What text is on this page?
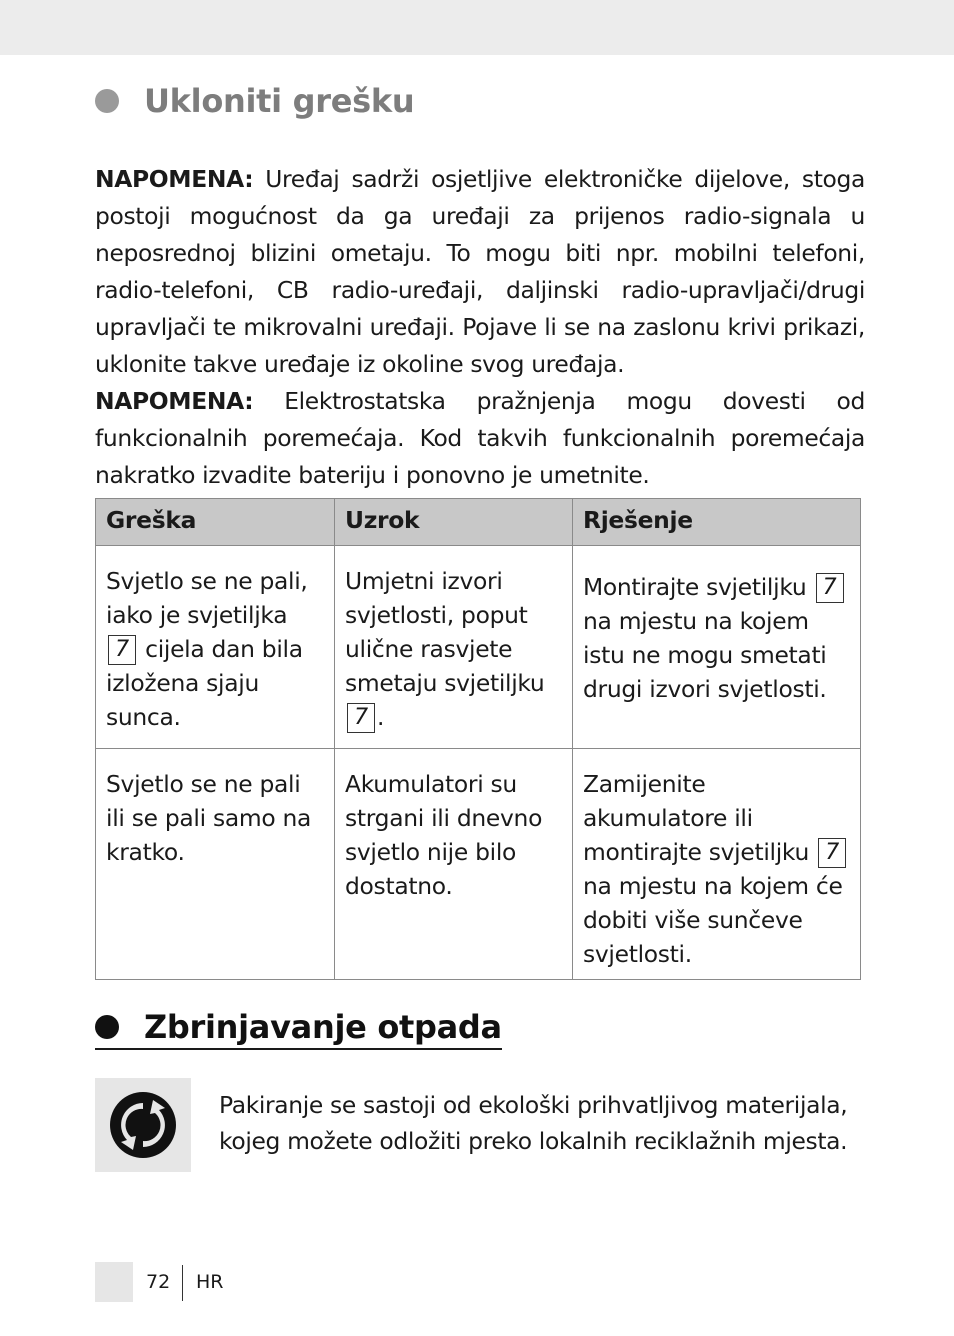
Ukloniti grešku

NAPOMENA: Uređaj sadrži osjetljive elektroničke dijelove, stoga postoji mogućnost da ga uređaji za prijenos radio-signala u neposrednoj blizini ometaju. To mogu biti npr. mobilni telefoni, radio-telefoni, CB radio-uređaji, daljinski radio-upravljači/drugi upravljači te mikrovalni uređaji. Pojave li se na zaslonu krivi prikazi, uklonite takve uređaje iz okoline svog uređaja.

NAPOMENA: Elektrostatska pražnjenja mogu dovesti od funkcionalnih poremećaja. Kod takvih funkcionalnih poremećaja nakratko izvadite bateriju i ponovno je umetnite.

Greška	Uzrok	Rješenje
Svjetlo se ne pali, iako je svjetiljka 7 cijela dan bila izložena sjaju sunca.	Umjetni izvori svjetlosti, poput ulične rasvjete smetaju svjetiljku 7 .	Montirajte svjetiljku 7 na mjestu na kojem istu ne mogu smetati drugi izvori svjetlosti.
Svjetlo se ne pali ili se pali samo na kratko.	Akumulatori su strgani ili dnevno svjetlo nije bilo dostatno.	Zamijenite akumulatore ili montirajte svjetiljku 7 na mjestu na kojem će dobiti više sunčeve svjetlosti.
Zbrinjavanje otpada
Pakiranje se sastoji od ekološki prihvatljivog materijala, kojeg možete odložiti preko lokalnih reciklažnih mjesta.
72 HR
